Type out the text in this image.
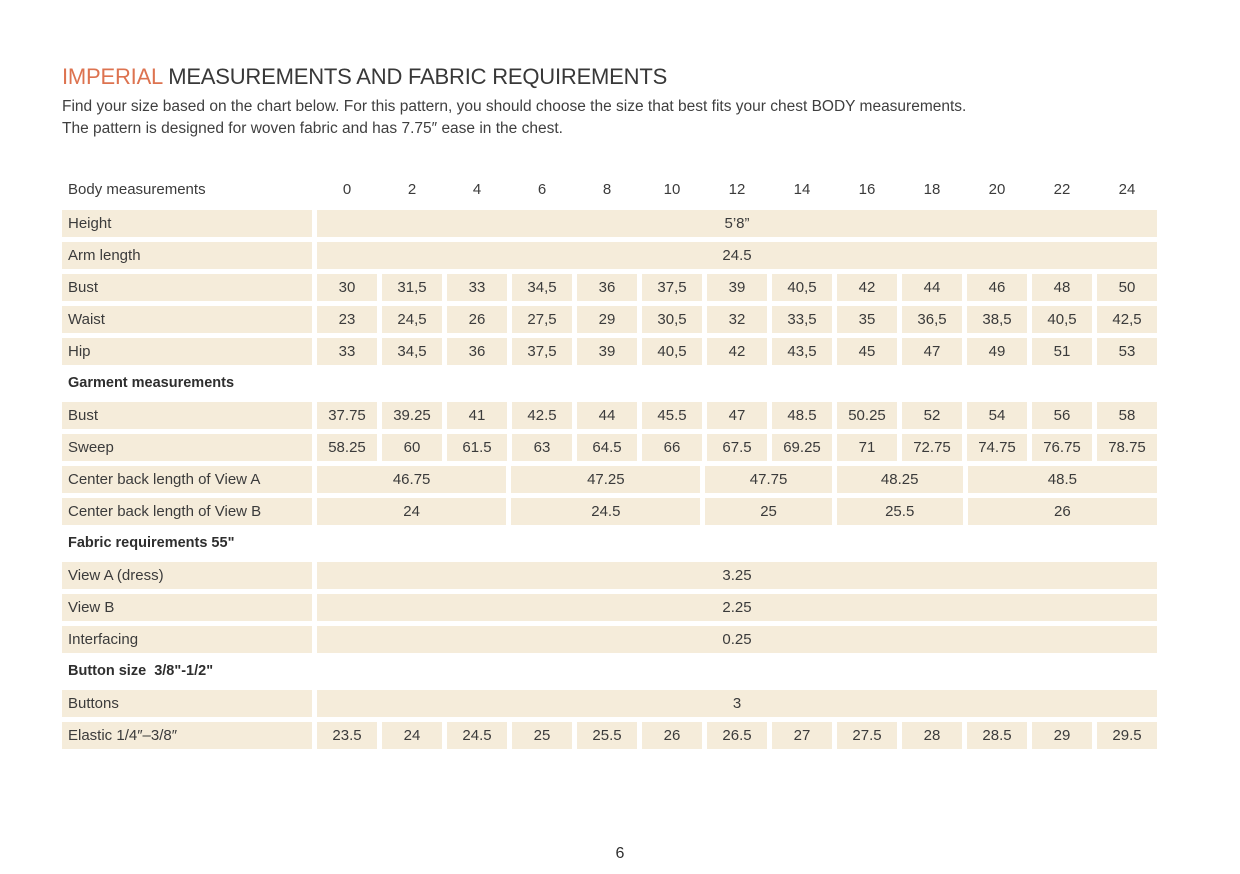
IMPERIAL MEASUREMENTS AND FABRIC REQUIREMENTS
Find your size based on the chart below. For this pattern, you should choose the size that best fits your chest BODY measurements.
The pattern is designed for woven fabric and has 7.75″ ease in the chest.
Body measurements	0	2	4	6	8	10	12	14	16	18	20	22	24
Height	5’8”
Arm length	24.5
Bust	30	31,5	33	34,5	36	37,5	39	40,5	42	44	46	48	50
Waist	23	24,5	26	27,5	29	30,5	32	33,5	35	36,5	38,5	40,5	42,5
Hip	33	34,5	36	37,5	39	40,5	42	43,5	45	47	49	51	53
Garment measurements
Bust	37.75	39.25	41	42.5	44	45.5	47	48.5	50.25	52	54	56	58
Sweep	58.25	60	61.5	63	64.5	66	67.5	69.25	71	72.75	74.75	76.75	78.75
Center back length of View A	46.75	47.25	47.75	48.25	48.5
Center back length of View B	24	24.5	25	25.5	26
Fabric requirements 55"
View A (dress)	3.25
View B	2.25
Interfacing	0.25
Button size  3/8"-1/2"
Buttons	3
Elastic 1/4″–3/8″	23.5	24	24.5	25	25.5	26	26.5	27	27.5	28	28.5	29	29.5
6
